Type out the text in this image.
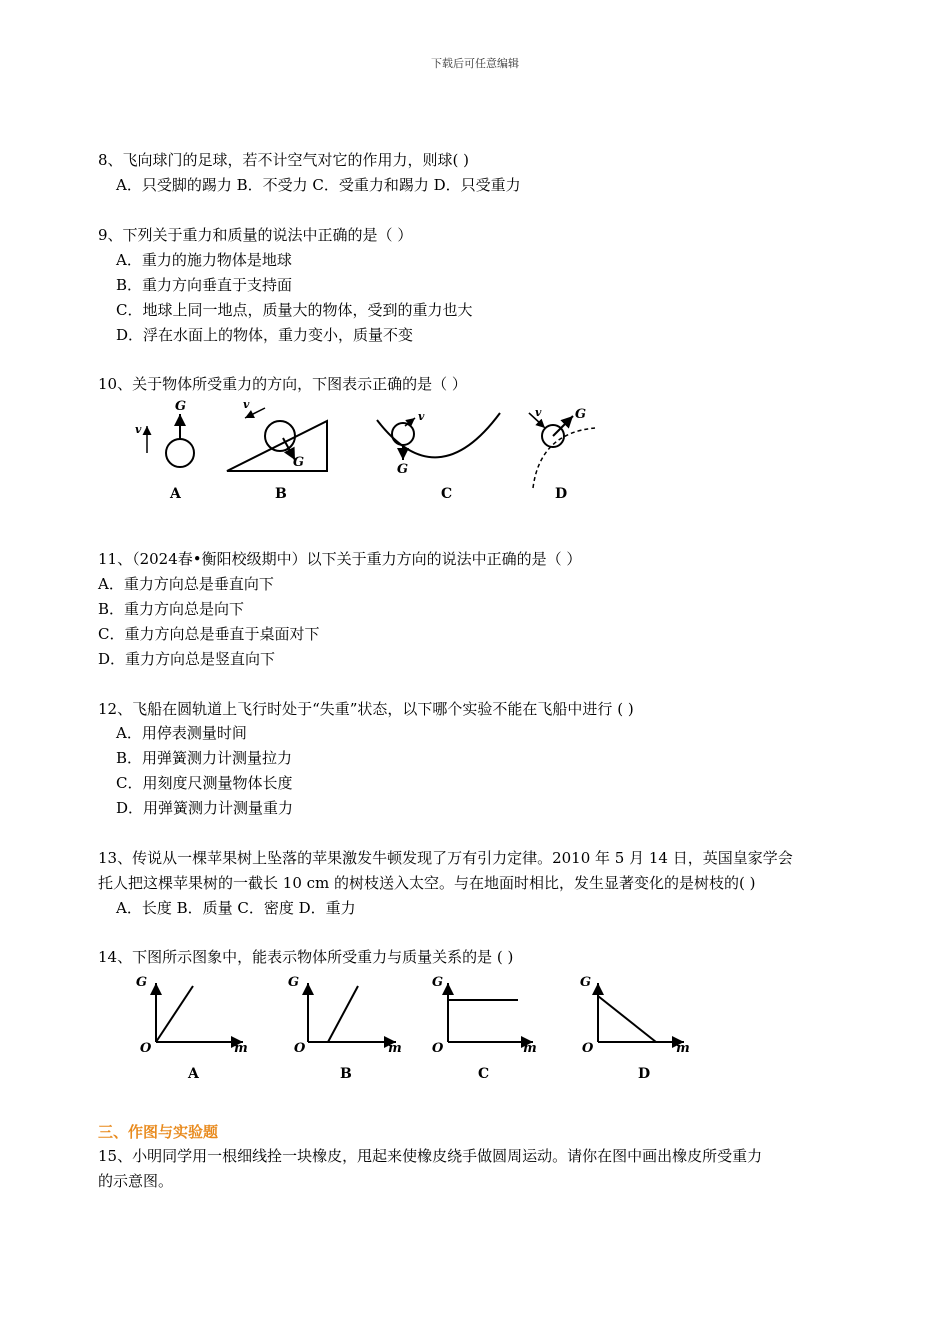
下载后可任意编辑
8、飞向球门的足球，若不计空气对它的作用力，则球( )
A．只受脚的踢力 B．不受力 C．受重力和踢力 D．只受重力
9、下列关于重力和质量的说法中正确的是（ ）
A．重力的施力物体是地球
B．重力方向垂直于支持面
C．地球上同一地点，质量大的物体，受到的重力也大
D．浮在水面上的物体，重力变小，质量不变
10、关于物体所受重力的方向，下图表示正确的是（ ）
G
v
A
G
v
B
G
v
C
G
v
D
11、（2024春•衡阳校级期中）以下关于重力方向的说法中正确的是（ ）
A．重力方向总是垂直向下
B．重力方向总是向下
C．重力方向总是垂直于桌面对下
D．重力方向总是竖直向下
12、飞船在圆轨道上飞行时处于“失重”状态，以下哪个实验不能在飞船中进行 ( )
A．用停表测量时间
B．用弹簧测力计测量拉力
C．用刻度尺测量物体长度
D．用弹簧测力计测量重力
13、传说从一棵苹果树上坠落的苹果激发牛顿发现了万有引力定律。2010 年 5 月 14 日，英国皇家学会
托人把这棵苹果树的一截长 10 cm 的树枝送入太空。与在地面时相比，发生显著变化的是树枝的( )
A．长度 B．质量 C．密度 D．重力
14、下图所示图象中，能表示物体所受重力与质量关系的是 ( )
G
m
O
A
G
m
O
B
G
m
O
C
G
m
O
D
三、作图与实验题
15、小明同学用一根细线拴一块橡皮，甩起来使橡皮绕手做圆周运动。请你在图中画出橡皮所受重力
的示意图。
